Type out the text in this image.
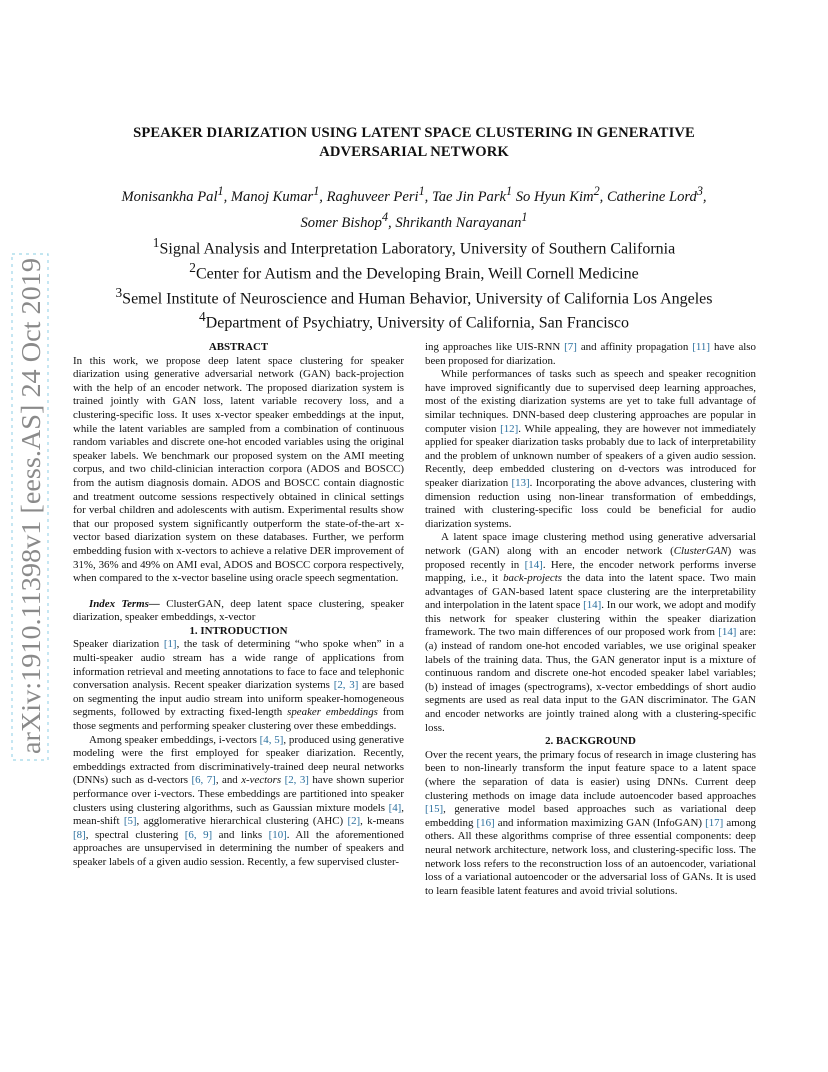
arXiv:1910.11398v1 [eess.AS] 24 Oct 2019
SPEAKER DIARIZATION USING LATENT SPACE CLUSTERING IN GENERATIVE
ADVERSARIAL NETWORK
Monisankha Pal$^1$, Manoj Kumar$^1$, Raghuveer Peri$^1$, Tae Jin Park$^1$ So Hyun Kim$^2$, Catherine Lord$^3$,
Somer Bishop$^4$, Shrikanth Narayanan$^1$
$^1$Signal Analysis and Interpretation Laboratory, University of Southern California
$^2$Center for Autism and the Developing Brain, Weill Cornell Medicine
$^3$Semel Institute of Neuroscience and Human Behavior, University of California Los Angeles
$^4$Department of Psychiatry, University of California, San Francisco

ABSTRACT

In this work, we propose deep latent space clustering for speaker diarization using generative adversarial network (GAN) back-projection with the help of an encoder network. The proposed diarization system is trained jointly with GAN loss, latent variable recovery loss, and a clustering-specific loss. It uses x-vector speaker embeddings at the input, while the latent variables are sampled from a combination of continuous random variables and discrete one-hot encoded variables using the original speaker labels. We benchmark our proposed system on the AMI meeting corpus, and two child-clinician interaction corpora (ADOS and BOSCC) from the autism diagnosis domain. ADOS and BOSCC contain diagnostic and treatment outcome sessions respectively obtained in clinical settings for verbal children and adolescents with autism. Experimental results show that our proposed system significantly outperform the state-of-the-art x-vector based diarization system on these databases. Further, we perform embedding fusion with x-vectors to achieve a relative DER improvement of 31%, 36% and 49% on AMI eval, ADOS and BOSCC corpora respectively, when compared to the x-vector baseline using oracle speech segmentation.

Index Terms— ClusterGAN, deep latent space clustering, speaker diarization, speaker embeddings, x-vector

1. INTRODUCTION

Speaker diarization [1], the task of determining “who spoke when” in a multi-speaker audio stream has a wide range of applications from information retrieval and meeting annotations to face to face and telephonic conversation analysis. Recent speaker diarization systems [2, 3] are based on segmenting the input audio stream into uniform speaker-homogeneous segments, followed by extracting fixed-length speaker embeddings from those segments and performing speaker clustering over these embeddings.

Among speaker embeddings, i-vectors [4, 5], produced using generative modeling were the first employed for speaker diarization. Recently, embeddings extracted from discriminatively-trained deep neural networks (DNNs) such as d-vectors [6, 7], and x-vectors [2, 3] have shown superior performance over i-vectors. These embeddings are partitioned into speaker clusters using clustering algorithms, such as Gaussian mixture models [4], mean-shift [5], agglomerative hierarchical clustering (AHC) [2], k-means [8], spectral clustering [6, 9] and links [10]. All the aforementioned approaches are unsupervised in determining the number of speakers and speaker labels of a given audio session. Recently, a few supervised cluster-

ing approaches like UIS-RNN [7] and affinity propagation [11] have also been proposed for diarization.

While performances of tasks such as speech and speaker recognition have improved significantly due to supervised deep learning approaches, most of the existing diarization systems are yet to take full advantage of similar techniques. DNN-based deep clustering approaches are popular in computer vision [12]. While appealing, they are however not immediately applied for speaker diarization tasks probably due to lack of interpretability and the problem of unknown number of speakers of a given audio session. Recently, deep embedded clustering on d-vectors was introduced for speaker diarization [13]. Incorporating the above advances, clustering with dimension reduction using non-linear transformation of embeddings, trained with clustering-specific loss could be beneficial for audio diarization systems.

A latent space image clustering method using generative adversarial network (GAN) along with an encoder network (ClusterGAN) was proposed recently in [14]. Here, the encoder network performs inverse mapping, i.e., it back-projects the data into the latent space. Two main advantages of GAN-based latent space clustering are the interpretability and interpolation in the latent space [14]. In our work, we adopt and modify this network for speaker clustering within the speaker diarization framework. The two main differences of our proposed work from [14] are: (a) instead of random one-hot encoded variables, we use original speaker labels of the training data. Thus, the GAN generator input is a mixture of continuous random and discrete one-hot encoded speaker label variables; (b) instead of images (spectrograms), x-vector embeddings of short audio segments are used as real data input to the GAN discriminator. The GAN and encoder networks are jointly trained along with a clustering-specific loss.

2. BACKGROUND

Over the recent years, the primary focus of research in image clustering has been to non-linearly transform the input feature space to a latent space (where the separation of data is easier) using DNNs. Current deep clustering methods on image data include autoencoder based approaches [15], generative model based approaches such as variational deep embedding [16] and information maximizing GAN (InfoGAN) [17] among others. All these algorithms comprise of three essential components: deep neural network architecture, network loss, and clustering-specific loss. The network loss refers to the reconstruction loss of an autoencoder, variational loss of a variational autoencoder or the adversarial loss of GANs. It is used to learn feasible latent features and avoid trivial solutions.
